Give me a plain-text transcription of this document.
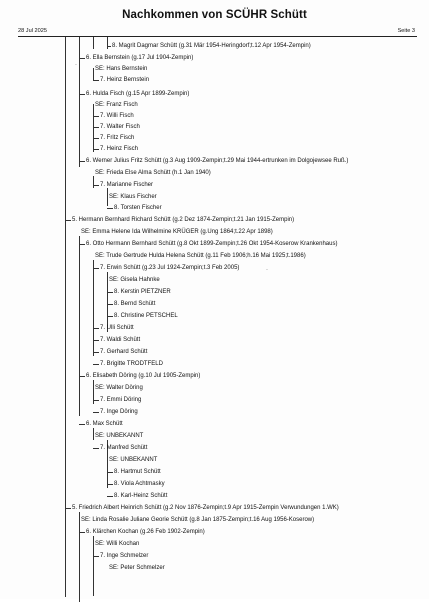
Nachkommen von SCÜHR Schütt
28 Jul 2025	Seite 3
8. Magrit Dagmar Schütt (g.31 Mär 1954-Heringdorf;t.12 Apr 1954-Zempin)
6. Ella Bernstein (g.17 Jul 1904-Zempin)
SE: Hans Bernstein
7. Heinz Bernstein
6. Hulda Fisch (g.15 Apr 1899-Zempin)
SE: Franz Fisch
7. Willi Fisch
7. Walter Fisch
7. Fritz Fisch
7. Heinz Fisch
6. Werner Julius Fritz Schütt (g.3 Aug 1909-Zempin;t.29 Mai 1944-ertrunken im Dolgojewsee Ruß.)
SE: Frieda Else Alma Schütt (h.1 Jan 1940)
7. Marianne Fischer
SE: Klaus Fischer
8. Torsten Fischer
5. Hermann Bernhard Richard Schütt (g.2 Dez 1874-Zempin;t.21 Jan 1915-Zempin)
SE: Emma Helene Ida Wilhelmine KRÜGER (g.Ung 1864;t.22 Apr 1898)
6. Otto Hermann Bernhard Schütt (g.8 Okt 1899-Zempin;t.26 Okt 1954-Koserow Krankenhaus)
SE: Trude Gertrude Hulda Helena Schütt (g.11 Feb 1906;h.16 Mai 1925;t.1986)
7. Erwin Schütt (g.23 Jul 1924-Zempin;t.3 Feb 2005)
SE: Gisela Hahnke
8. Kerstin PIETZNER
8. Bernd Schütt
8. Christine PETSCHEL
7. Ulli Schütt
7. Waldi Schütt
7. Gerhard Schütt
7. Brigitte TRODTFELD
6. Elisabeth Döring (g.10 Jul 1905-Zempin)
SE: Walter Döring
7. Emmi Döring
7. Inge Döring
6. Max Schütt
SE: UNBEKANNT
7. Manfred Schütt
SE: UNBEKANNT
8. Hartmut Schütt
8. Viola Achtmasky
8. Karl-Heinz Schütt
5. Friedrich Albert Heinrich Schütt (g.2 Nov 1876-Zempin;t.9 Apr 1915-Zempin Verwundungen 1.WK)
SE: Linda Rosalie Juliane Georie Schütt (g.8 Jan 1875-Zempin;t.16 Aug 1956-Koserow)
6. Klärchen Kochan (g.26 Feb 1902-Zempin)
SE: Willi Kochan
7. Inge Schmelzer
SE: Peter Schmelzer
·
·
